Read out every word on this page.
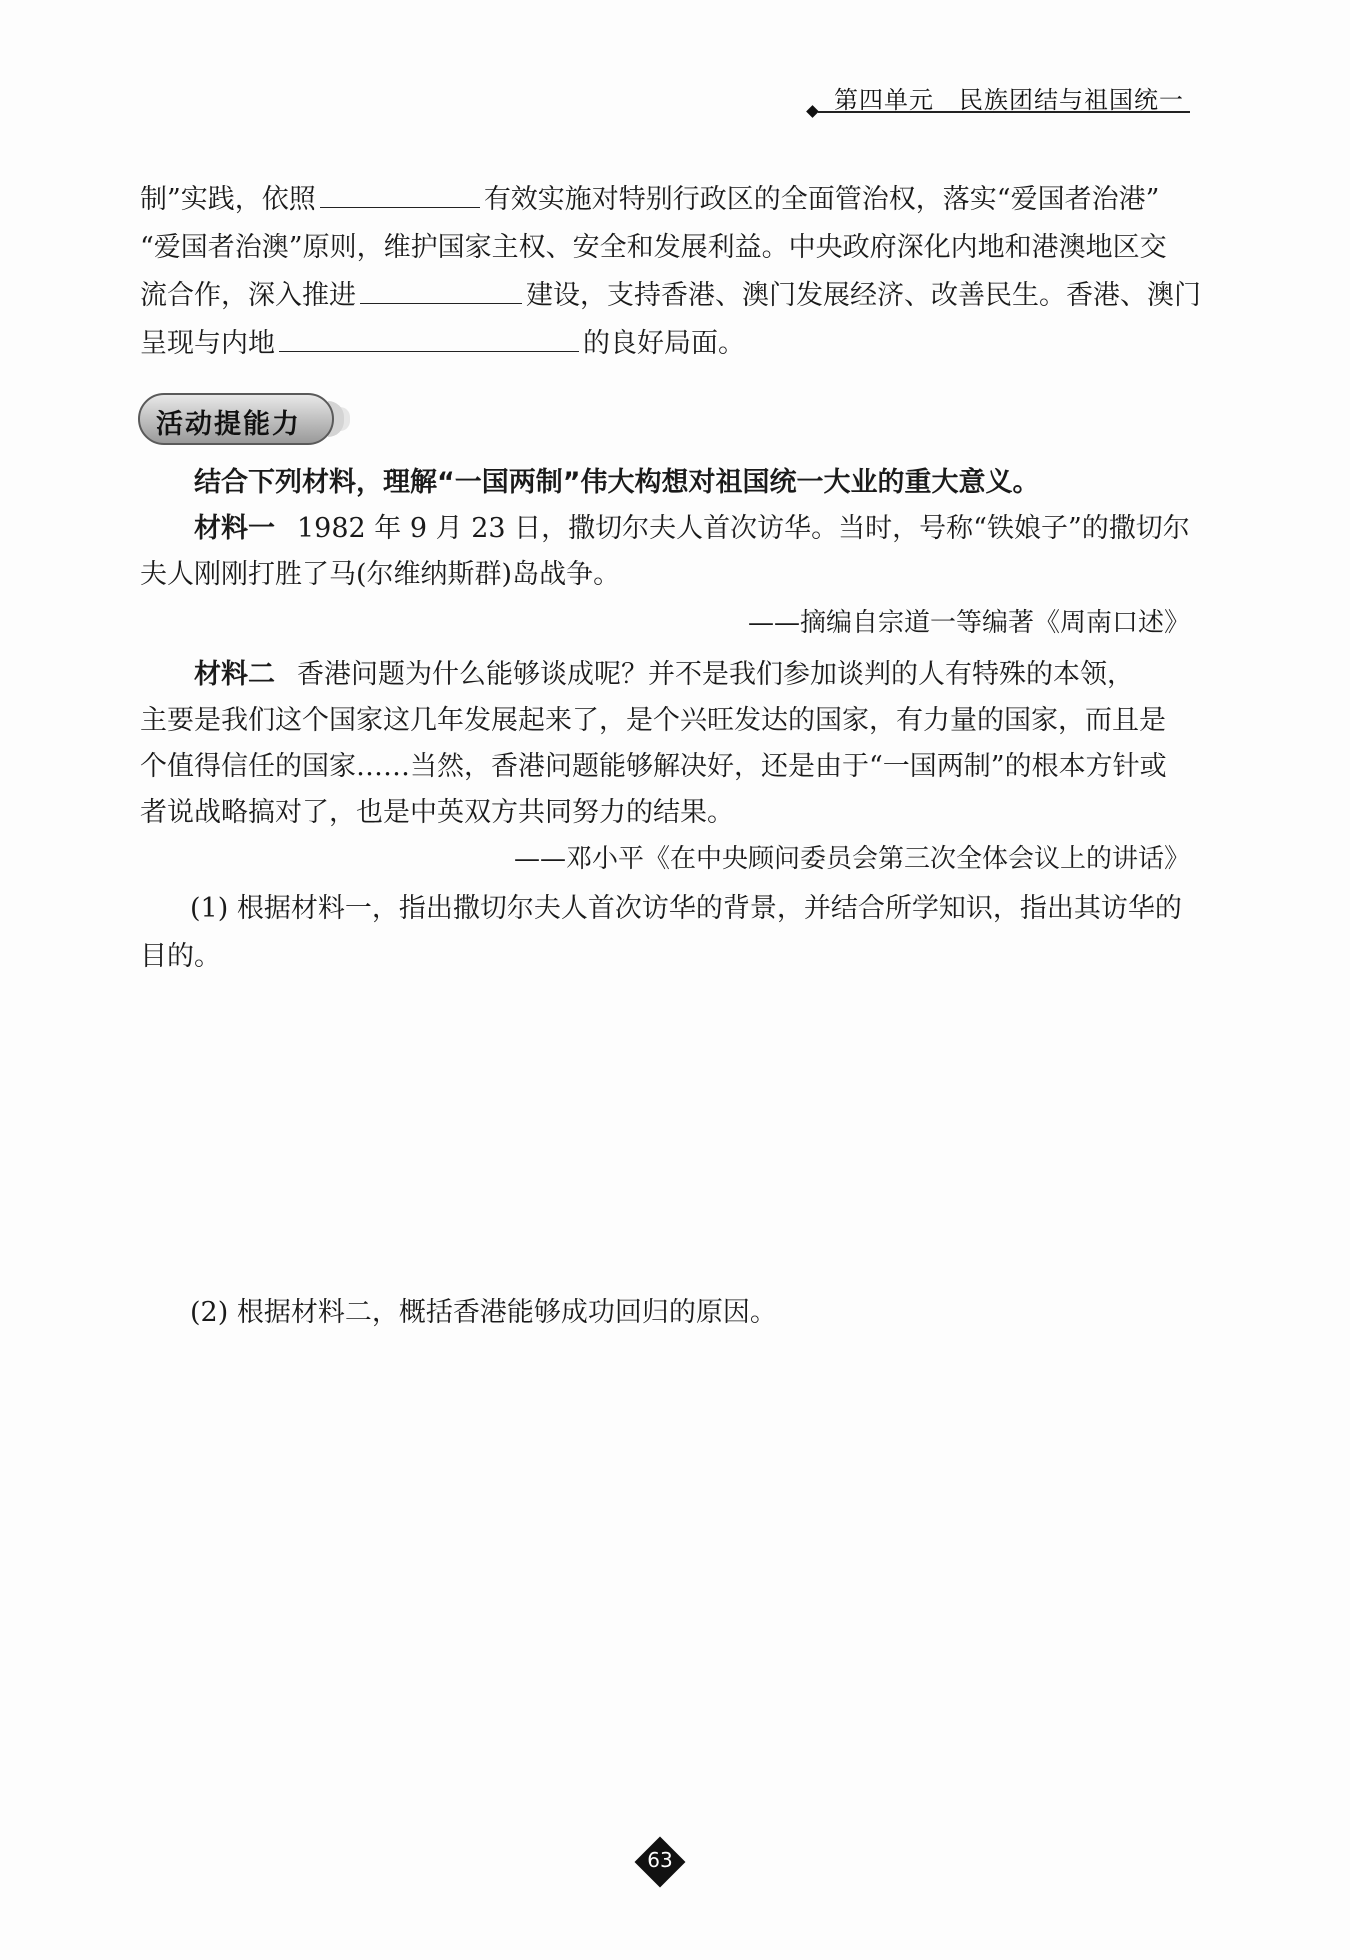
第四单元　民族团结与祖国统一
制”实践，依照	有效实施对特别行政区的全面管治权，落实“爱国者治港”
“爱国者治澳”原则，维护国家主权、安全和发展利益。中央政府深化内地和港澳地区交
流合作，深入推进	建设，支持香港、澳门发展经济、改善民生。香港、澳门
呈现与内地	的良好局面。
活动提能力
结合下列材料，理解“一国两制”伟大构想对祖国统一大业的重大意义。
材料一 1982 年 9 月 23 日，撒切尔夫人首次访华。当时，号称“铁娘子”的撒切尔
夫人刚刚打胜了马(尔维纳斯群)岛战争。
——摘编自宗道一等编著《周南口述》
材料二 香港问题为什么能够谈成呢？并不是我们参加谈判的人有特殊的本领，
主要是我们这个国家这几年发展起来了，是个兴旺发达的国家，有力量的国家，而且是
个值得信任的国家……当然，香港问题能够解决好，还是由于“一国两制”的根本方针或
者说战略搞对了，也是中英双方共同努力的结果。
——邓小平《在中央顾问委员会第三次全体会议上的讲话》
(1) 根据材料一，指出撒切尔夫人首次访华的背景，并结合所学知识，指出其访华的
目的。
(2) 根据材料二，概括香港能够成功回归的原因。
63
